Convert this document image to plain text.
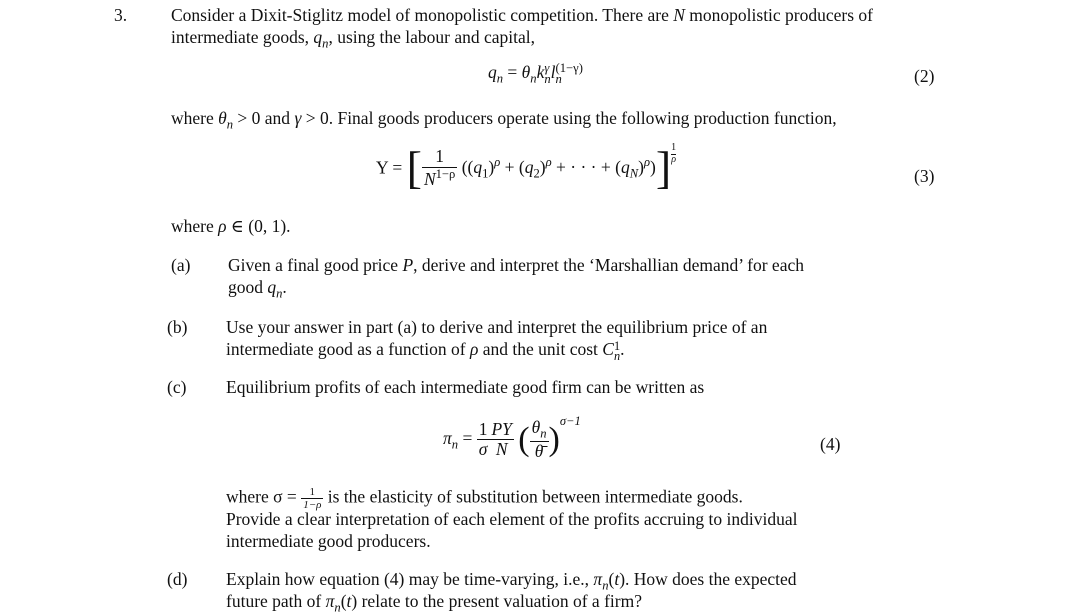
3.	Consider a Dixit-Stiglitz model of monopolistic competition. There are N monopolistic producers of
intermediate goods, $q_n$, using the labour and capital,
$q_n = \theta_nk$ γ
n l (1−γ)
n	(2)
where $\theta_n > 0$ and γ > 0. Final goods producers operate using the following production function,
Y = [ $\frac{1}{N^{1-\rho}} ((q_1)^\rho + (q_2)^\rho$ + · · · + $(q_N)^\rho)] \frac{1}{\rho}$
(3)
where ρ ∈ (0, 1).
(a) Given a final good price P, derive and interpret the ‘Marshallian demand’ for each
good $q_n$.
(b) Use your answer in part (a) to derive and interpret the equilibrium price of an
intermediate good as a function of ρ and the unit cost C 1
n .
(c) Equilibrium profits of each intermediate good firm can be written as
$\pi_n = \frac{1}{\sigma} \frac{PY}{N}$ ( $\frac{\theta_n}{\thetā} )\sigma-1$
(4)
where $\sigma = \frac{1}{1-\rho}$ is the elasticity of substitution between intermediate goods.
Provide a clear interpretation of each element of the profits accruing to individual
intermediate good producers.
(d) Explain how equation (4) may be time-varying, i.e., $\pi_n(t)$. How does the expected
future path of $\pi_n(t)$ relate to the present valuation of a firm?
